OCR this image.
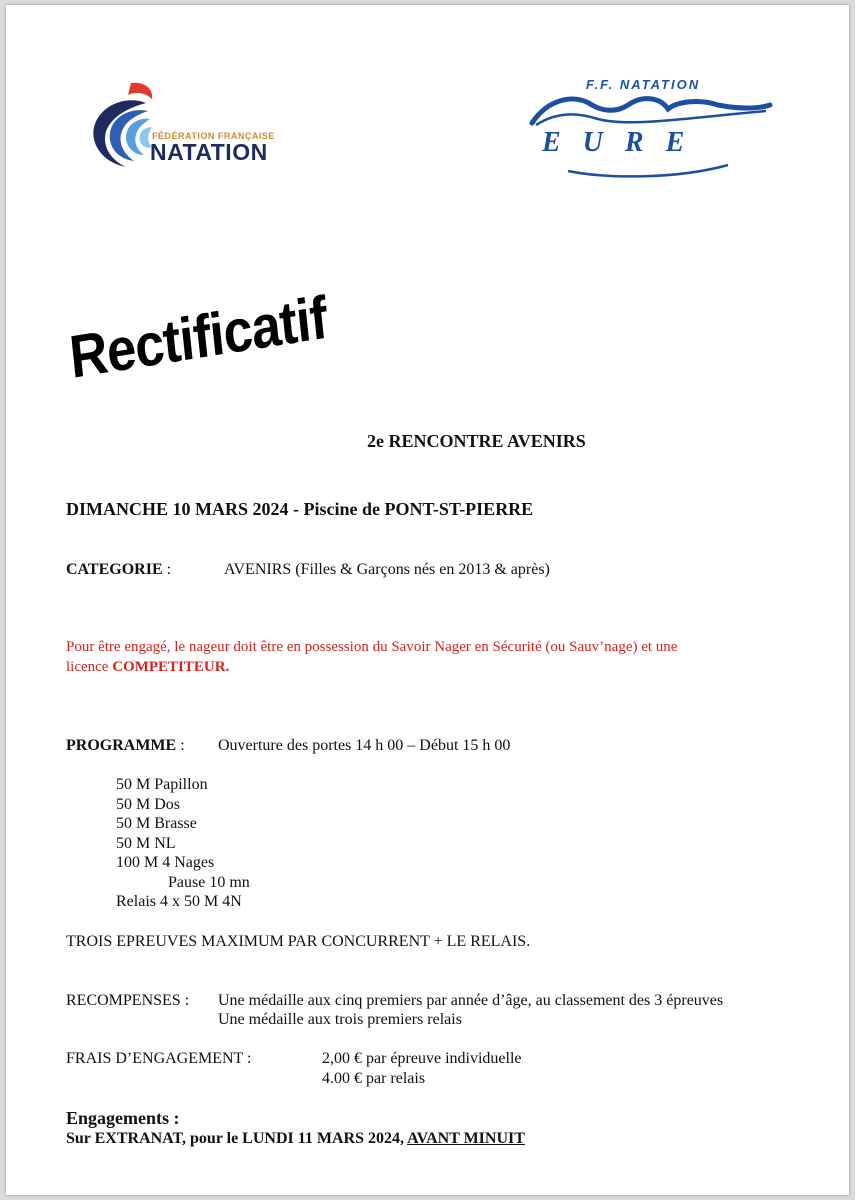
FÉDÉRATION FRANÇAISE
NATATION
F.F. NATATION
EURE
Rectificatif
2e RENCONTRE AVENIRS
DIMANCHE 10 MARS 2024 - Piscine de PONT-ST-PIERRE
CATEGORIE :	AVENIRS (Filles & Garçons nés en 2013 & après)
Pour être engagé, le nageur doit être en possession du Savoir Nager en Sécurité (ou Sauv’nage) et une
licence COMPETITEUR.
PROGRAMME : Ouverture des portes 14 h 00 – Début 15 h 00
50 M Papillon
50 M Dos
50 M Brasse
50 M NL
100 M 4 Nages
Pause 10 mn
Relais 4 x 50 M 4N
TROIS EPREUVES MAXIMUM PAR CONCURRENT + LE RELAIS.
RECOMPENSES : Une médaille aux cinq premiers par année d’âge, au classement des 3 épreuves
Une médaille aux trois premiers relais
FRAIS D’ENGAGEMENT :	2,00 € par épreuve individuelle
4.00 € par relais
Engagements :
Sur EXTRANAT, pour le LUNDI 11 MARS 2024, AVANT MINUIT
